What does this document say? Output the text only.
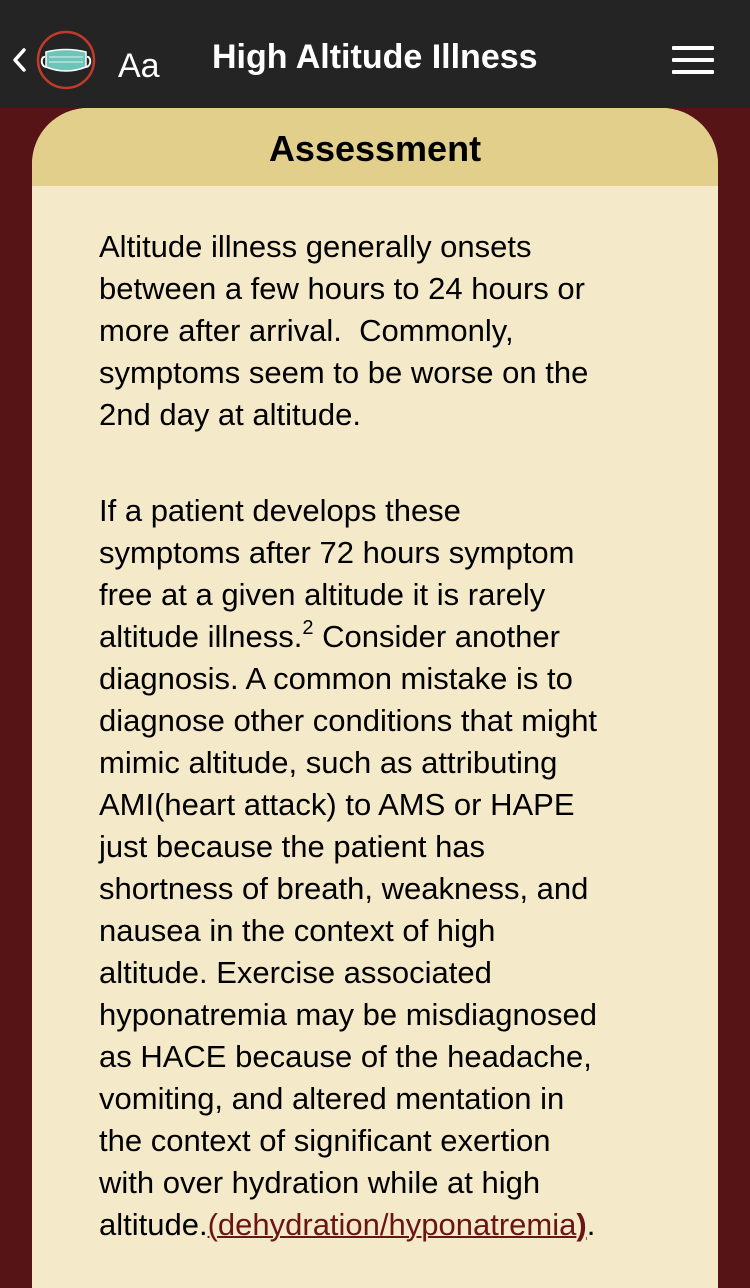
Aa High Altitude Illness
Assessment

Altitude illness generally onsets
between a few hours to 24 hours or
more after arrival.  Commonly,
symptoms seem to be worse on the
2nd day at altitude.

If a patient develops these
symptoms after 72 hours symptom
free at a given altitude it is rarely
altitude illness.$^2$ Consider another
diagnosis. A common mistake is to
diagnose other conditions that might
mimic altitude, such as attributing
AMI(heart attack) to AMS or HAPE
just because the patient has
shortness of breath, weakness, and
nausea in the context of high
altitude. Exercise associated
hyponatremia may be misdiagnosed
as HACE because of the headache,
vomiting, and altered mentation in
the context of significant exertion
with over hydration while at high
altitude.(dehydration/hyponatremia).
